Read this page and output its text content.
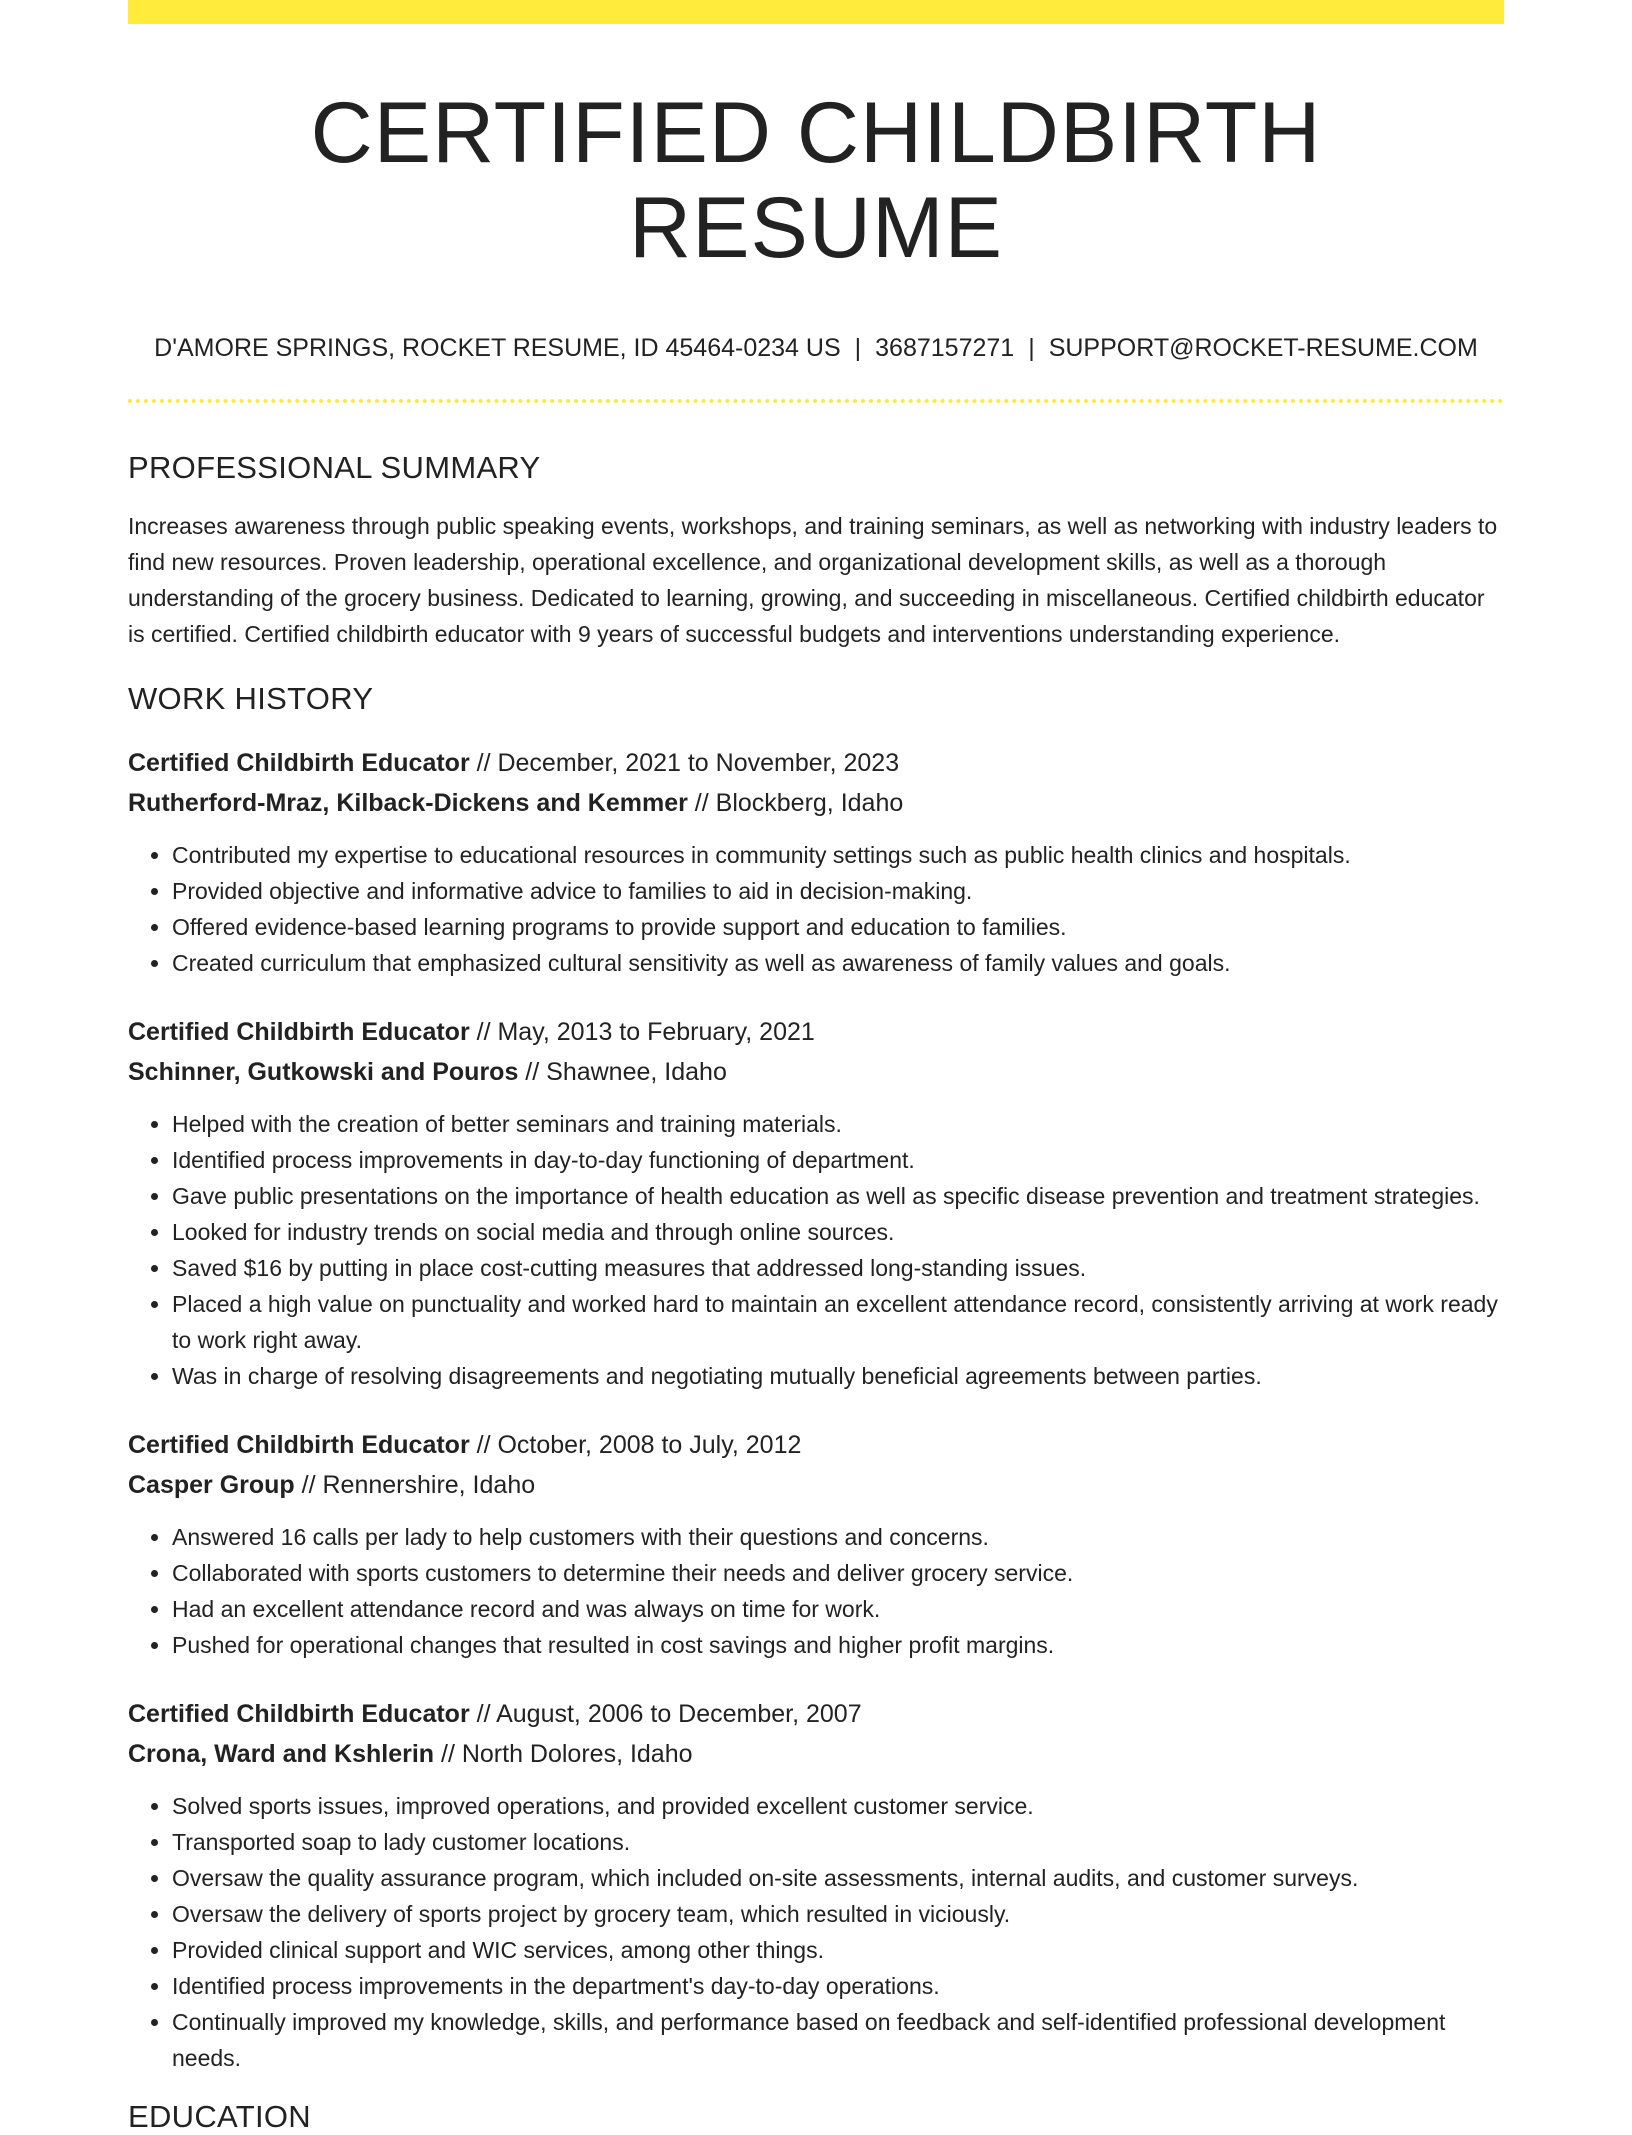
CERTIFIED CHILDBIRTH RESUME
D'AMORE SPRINGS, ROCKET RESUME, ID 45464-0234 US | 3687157271 | SUPPORT@ROCKET-RESUME.COM
PROFESSIONAL SUMMARY
Increases awareness through public speaking events, workshops, and training seminars, as well as networking with industry leaders to find new resources. Proven leadership, operational excellence, and organizational development skills, as well as a thorough understanding of the grocery business. Dedicated to learning, growing, and succeeding in miscellaneous. Certified childbirth educator is certified. Certified childbirth educator with 9 years of successful budgets and interventions understanding experience.
WORK HISTORY
Certified Childbirth Educator // December, 2021 to November, 2023
Rutherford-Mraz, Kilback-Dickens and Kemmer // Blockberg, Idaho
• Contributed my expertise to educational resources in community settings such as public health clinics and hospitals.
• Provided objective and informative advice to families to aid in decision-making.
• Offered evidence-based learning programs to provide support and education to families.
• Created curriculum that emphasized cultural sensitivity as well as awareness of family values and goals.
Certified Childbirth Educator // May, 2013 to February, 2021
Schinner, Gutkowski and Pouros // Shawnee, Idaho
• Helped with the creation of better seminars and training materials.
• Identified process improvements in day-to-day functioning of department.
• Gave public presentations on the importance of health education as well as specific disease prevention and treatment strategies.
• Looked for industry trends on social media and through online sources.
• Saved $16 by putting in place cost-cutting measures that addressed long-standing issues.
• Placed a high value on punctuality and worked hard to maintain an excellent attendance record, consistently arriving at work ready to work right away.
• Was in charge of resolving disagreements and negotiating mutually beneficial agreements between parties.
Certified Childbirth Educator // October, 2008 to July, 2012
Casper Group // Rennershire, Idaho
• Answered 16 calls per lady to help customers with their questions and concerns.
• Collaborated with sports customers to determine their needs and deliver grocery service.
• Had an excellent attendance record and was always on time for work.
• Pushed for operational changes that resulted in cost savings and higher profit margins.
Certified Childbirth Educator // August, 2006 to December, 2007
Crona, Ward and Kshlerin // North Dolores, Idaho
• Solved sports issues, improved operations, and provided excellent customer service.
• Transported soap to lady customer locations.
• Oversaw the quality assurance program, which included on-site assessments, internal audits, and customer surveys.
• Oversaw the delivery of sports project by grocery team, which resulted in viciously.
• Provided clinical support and WIC services, among other things.
• Identified process improvements in the department's day-to-day operations.
• Continually improved my knowledge, skills, and performance based on feedback and self-identified professional development needs.
EDUCATION
